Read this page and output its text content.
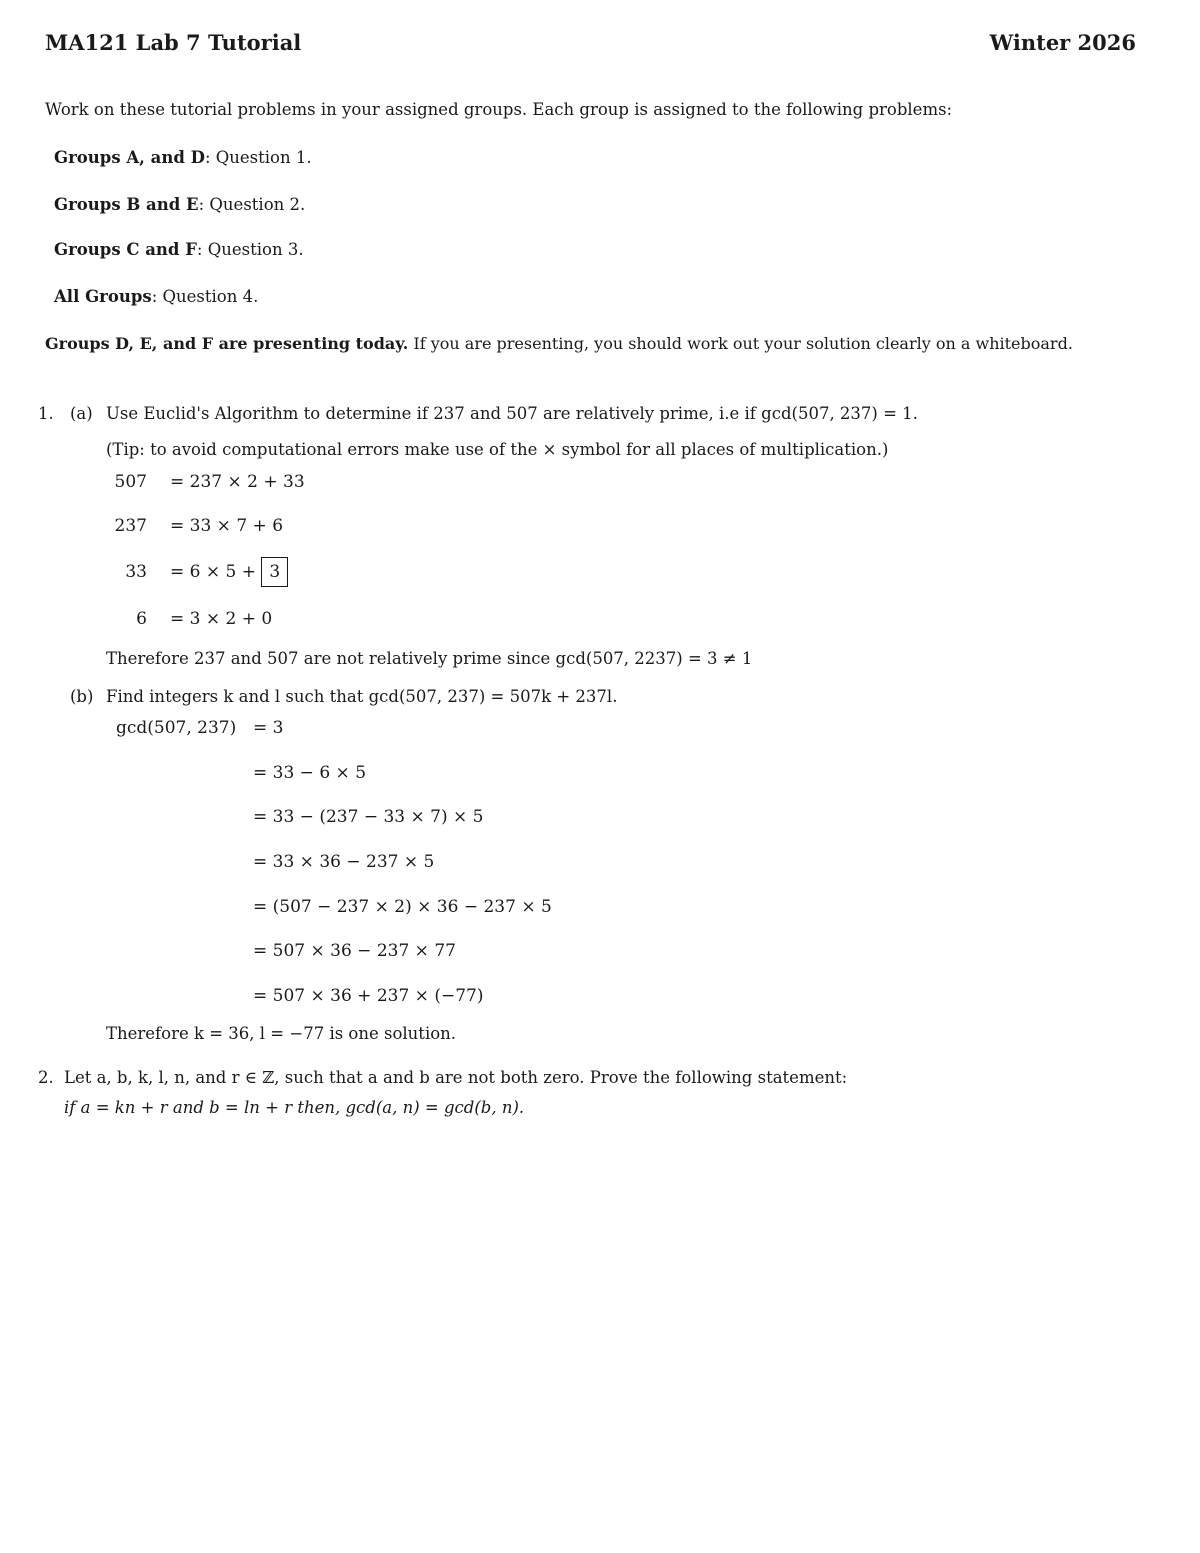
MA121 Lab 7 Tutorial	Winter 2026
Work on these tutorial problems in your assigned groups. Each group is assigned to the following problems:
Groups A, and D: Question 1.
Groups B and E: Question 2.
Groups C and F: Question 3.
All Groups: Question 4.
Groups D, E, and F are presenting today. If you are presenting, you should work out your solution clearly on a whiteboard.
1. (a) Use Euclid's Algorithm to determine if 237 and 507 are relatively prime, i.e if gcd(507, 237) = 1.
(Tip: to avoid computational errors make use of the × symbol for all places of multiplication.)
507 = 237 × 2 + 33
237 = 33 × 7 + 6
33 = 6 × 5 + 3
6 = 3 × 2 + 0
Therefore 237 and 507 are not relatively prime since gcd(507, 2237) = 3 ≠ 1
(b) Find integers k and l such that gcd(507, 237) = 507k + 237l.
gcd(507, 237) = 3
= 33 − 6 × 5
= 33 − (237 − 33 × 7) × 5
= 33 × 36 − 237 × 5
= (507 − 237 × 2) × 36 − 237 × 5
= 507 × 36 − 237 × 77
= 507 × 36 + 237 × (−77)
Therefore k = 36, l = −77 is one solution.
2. Let a, b, k, l, n, and r ∈ ℤ, such that a and b are not both zero. Prove the following statement:
if a = kn + r and b = ln + r then, gcd(a, n) = gcd(b, n).
